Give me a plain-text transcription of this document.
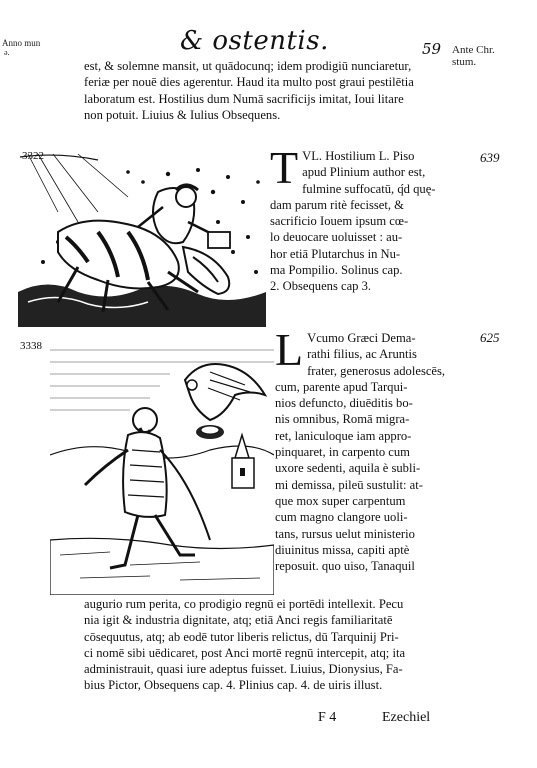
Anno mun
ǝ.	& ostentis.	59 Ante Chr.
stum.
est, & solemne mansit, ut quādocunq; idem prodigiū nunciaretur,
feriæ per nouē dies agerentur. Haud ita multo post graui pestilētia
laboratum est. Hostilius dum Numā sacrificijs imitat, Ioui litare
non potuit. Liuius & Iulius Obsequens.
3322	639
T VL. Hostilium L. Piso
apud Plinium author est,
fulmine suffocatū, q́d quę-
dam parum ritè fecisset, &
sacrificio Iouem ipsum cœ-
lo deuocare uoluisset : au-
hor etiā Plutarchus in Nu-
ma Pompilio. Solinus cap.
2. Obsequens cap 3.
3338
625
L Vcumo Græci Dema-
rathi filius, ac Aruntis
frater, generosus adolescēs,
cum, parente apud Tarqui-
nios defuncto, diuēditis bo-
nis omnibus, Romā migra-
ret, laniculoque iam appro-
pinquaret, in carpento cum
uxore sedenti, aquila è subli-
mi demissa, pileū sustulit: at-
que mox super carpentum
cum magno clangore uoli-
tans, rursus uelut ministerio
diuinitus missa, capiti aptè
reposuit. quo uiso, Tanaquil
augurio rum perita, co prodigio regnū ei portēdi intellexit. Pecu
nia igit & industria dignitate, atq; etiā Anci regis familiaritatē
cōsequutus, atq; ab eodē tutor liberis relictus, dū Tarquinij Pri-
ci nomē sibi uēdicaret, post Anci mortē regnū intercepit, atq; ita
administrauit, quasi iure adeptus fuisset. Liuius, Dionysius, Fa-
bius Pictor, Obsequens cap. 4. Plinius cap. 4. de uiris illust.
F 4	Ezechiel
